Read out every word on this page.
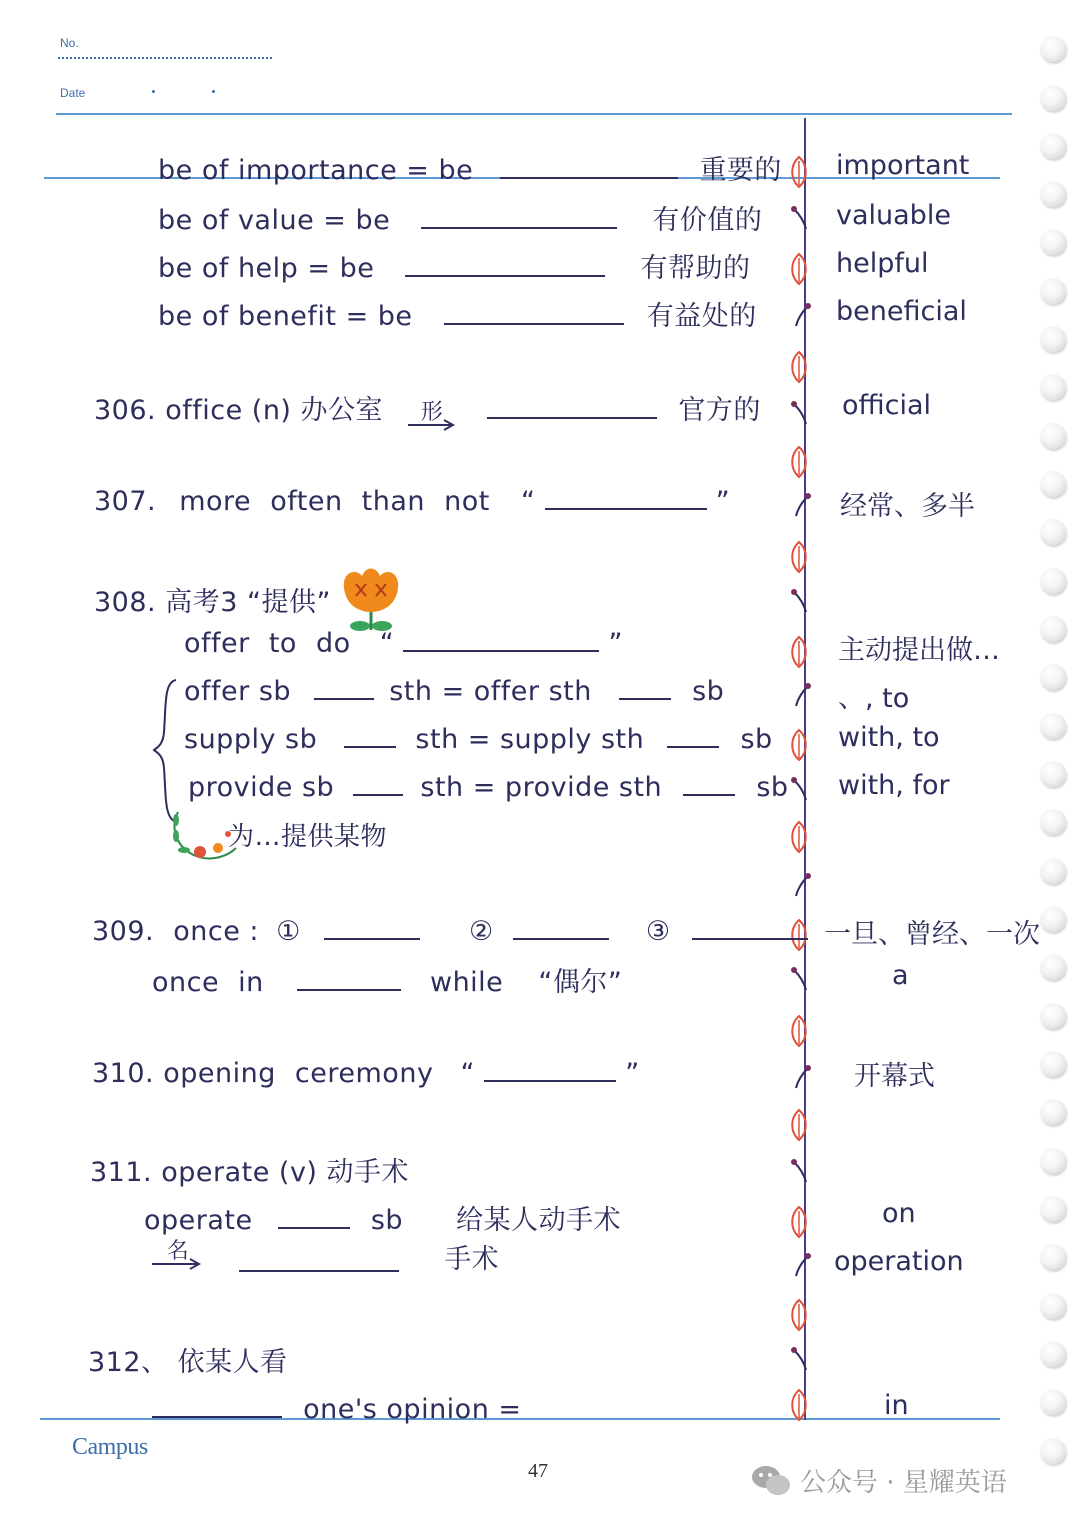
No.
Date
be of importance = be	重要的 important
be of value = be	有价值的	valuable
be of help = be	有帮助的	helpful
be of benefit = be	有益处的	beneficial
306. office (n) 办公室 形	官方的	official
307. more often than not “	”	经常、多半
308. 高考3 “提供”
offer to do “	”	主动提出做…
offer sb	sth = offer sth	sb	、, to
supply sb	sth = supply sth	sb with, to
provide sb	sth = provide sth	sb with, for
为…提供某物
309. once : ①	②	③	一旦、曾经、一次
once in	while “偶尔”	a
310. opening ceremony “	”	开幕式
311. operate (v) 动手术
operate	sb 给某人动手术	on
名	手术	operation
312、 依某人看
one's opinion =	in
Campus
47	公众号 · 星耀英语
